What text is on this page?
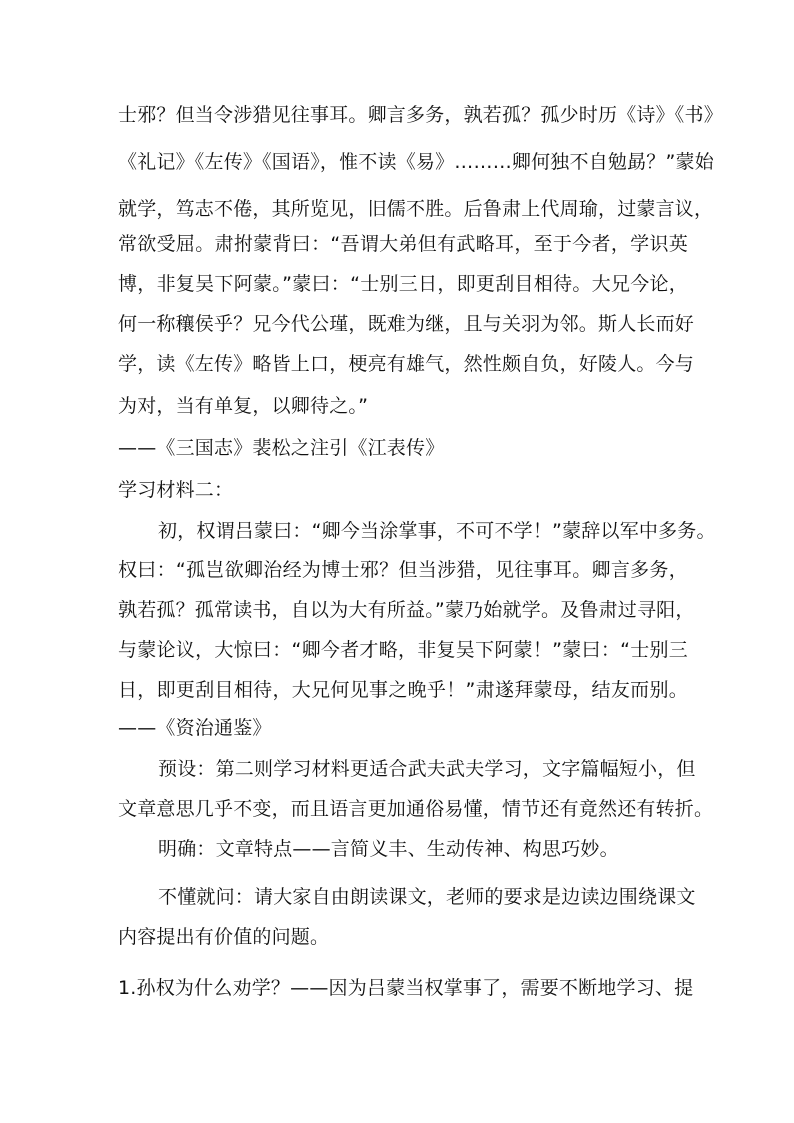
士邪？但当令涉猎见往事耳。卿言多务，孰若孤？孤少时历《诗》《书》
《礼记》《左传》《国语》，惟不读《易》………卿何独不自勉勗？”蒙始
就学，笃志不倦，其所览见，旧儒不胜。后鲁肃上代周瑜，过蒙言议，
常欲受屈。肃拊蒙背曰：“吾谓大弟但有武略耳，至于今者，学识英
博，非复吴下阿蒙。”蒙曰：“士别三日，即更刮目相待。大兄今论，
何一称穰侯乎？兄今代公瑾，既难为继，且与关羽为邻。斯人长而好
学，读《左传》略皆上口，梗亮有雄气，然性颇自负，好陵人。今与
为对，当有单复，以卿待之。”
——《三国志》裴松之注引《江表传》
学习材料二：
初，权谓吕蒙曰：“卿今当涂掌事，不可不学！”蒙辞以军中多务。
权曰：“孤岂欲卿治经为博士邪？但当涉猎，见往事耳。卿言多务，
孰若孤？孤常读书，自以为大有所益。”蒙乃始就学。及鲁肃过寻阳，
与蒙论议，大惊曰：“卿今者才略，非复吴下阿蒙！”蒙曰：“士别三
日，即更刮目相待，大兄何见事之晚乎！”肃遂拜蒙母，结友而别。
——《资治通鉴》
预设：第二则学习材料更适合武夫武夫学习，文字篇幅短小，但
文章意思几乎不变，而且语言更加通俗易懂，情节还有竟然还有转折。
明确：文章特点——言简义丰、生动传神、构思巧妙。
不懂就问：请大家自由朗读课文，老师的要求是边读边围绕课文
内容提出有价值的问题。
1.孙权为什么劝学？——因为吕蒙当权掌事了，需要不断地学习、提
